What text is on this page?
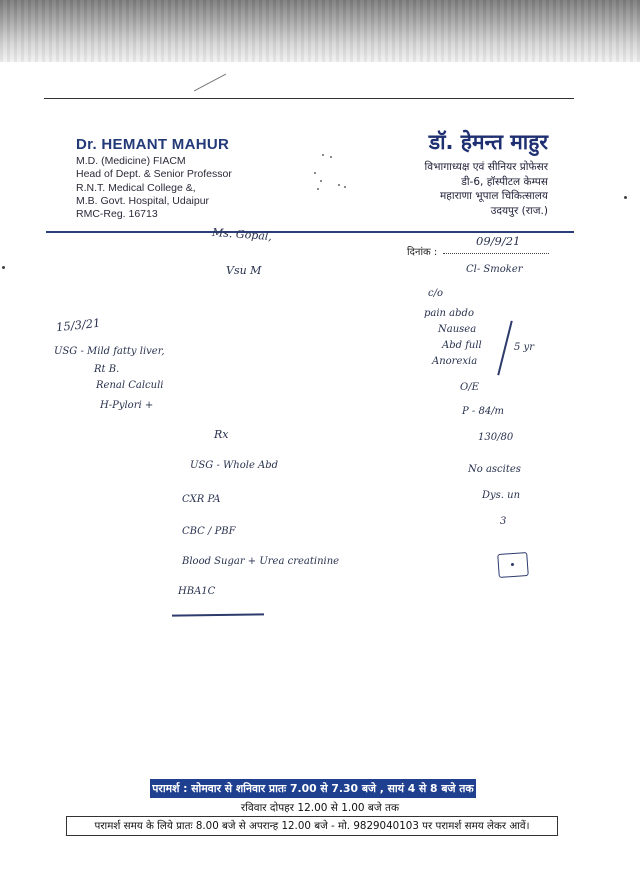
Dr. HEMANT MAHUR
M.D. (Medicine) FIACM
Head of Dept. & Senior Professor
R.N.T. Medical College &,
M.B. Govt. Hospital, Udaipur
RMC-Reg. 16713
डॉ. हेमन्त माहुर
विभागाध्यक्ष एवं सीनियर प्रोफेसर
डी-6, हॉस्पीटल केम्पस
महाराणा भूपाल चिकित्सालय
उदयपुर (राज.)
दिनांक :
Ms. Gopal,
Vsu M
09/9/21
Cl- Smoker
c/o
pain abdo
Nausea
Abd full
Anorexia
5 yr
15/3/21
USG - Mild fatty liver,
Rt B.
Renal Calculi
H-Pylori +
O/E
P - 84/m
130/80
No ascites
Dys. un
3
Rx
USG - Whole Abd
CXR PA
CBC / PBF
Blood Sugar + Urea creatinine
HBA1C
परामर्श : सोमवार से शनिवार प्रातः 7.00 से 7.30 बजे , सायं 4 से 8 बजे तक
रविवार दोपहर 12.00 से 1.00 बजे तक
परामर्श समय के लिये प्रातः 8.00 बजे से अपरान्ह 12.00 बजे - मो. 9829040103 पर परामर्श समय लेकर आवें।
